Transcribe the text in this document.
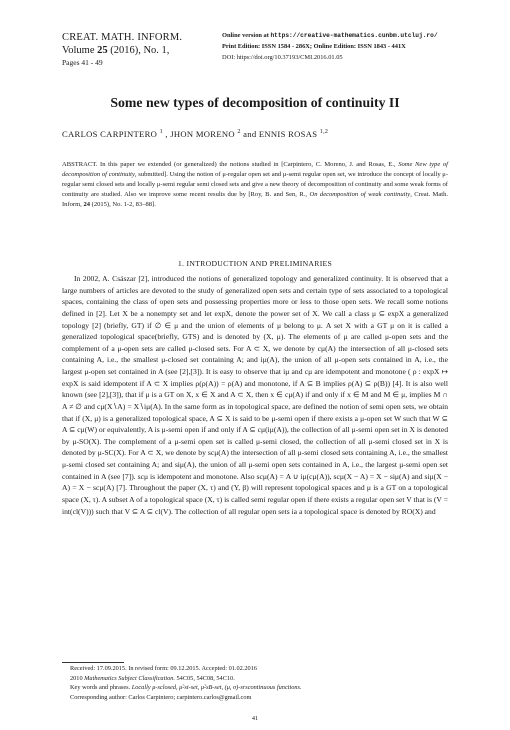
CREAT. MATH. INFORM.
Volume 25 (2016), No. 1,
Pages 41 - 49
Online version at https://creative-mathematics.cunbm.utcluj.ro/
Print Edition: ISSN 1584 - 286X; Online Edition: ISSN 1843 - 441X
DOI: https://doi.org/10.37193/CMI.2016.01.05
Some new types of decomposition of continuity II
CARLOS CARPINTERO $^1$ , JHON MORENO $^2$ and ENNIS ROSAS $^{1,2}$
ABSTRACT. In this paper we extended (or generalized) the notions studied in [Carpintero, C. Moreno, J. and Rosas, E., Some New type of decomposition of continuity, submitted]. Using the notion of μ-regular open set and μ-semi regular open set, we introduce the concept of locally μ-regular semi closed sets and locally μ-semi regular semi closed sets and give a new theory of decomposition of continuity and some weak forms of continuity are studied. Also we improve some recent results due by [Roy, B. and Sen, R., On decomposition of weak continuity, Creat. Math. Inform, 24 (2015), No. 1-2, 83–88].
1. INTRODUCTION AND PRELIMINARIES

In 2002, A. Császar [2], introduced the notions of generalized topology and generalized continuity. It is observed that a large numbers of articles are devoted to the study of generalized open sets and certain type of sets associated to a topological spaces, containing the class of open sets and possessing properties more or less to those open sets. We recall some notions defined in [2]. Let X be a nonempty set and let expX, denote the power set of X. We call a class μ ⊆ expX a generalized topology [2] (briefly, GT) if ∅ ∈ μ and the union of elements of μ belong to μ. A set X with a GT μ on it is called a generalized topological space(briefly, GTS) and is denoted by (X, μ). The elements of μ are called μ-open sets and the complement of a μ-open sets are called μ-closed sets. For A ⊂ X, we denote by cμ(A) the intersection of all μ-closed sets containing A, i.e., the smallest μ-closed set containing A; and iμ(A), the union of all μ-open sets contained in A, i.e., the largest μ-open set contained in A (see [2],[3]). It is easy to observe that iμ and cμ are idempotent and monotone ( ρ : expX ↦ expX is said idempotent if A ⊂ X implies ρ(ρ(A)) = ρ(A) and monotone, if A ⊆ B implies ρ(A) ⊆ ρ(B)) [4]. It is also well known (see [2],[3]), that if μ is a GT on X, x ∈ X and A ⊂ X, then x ∈ cμ(A) if and only if x ∈ M and M ∈ μ, implies M ∩ A ≠ ∅ and cμ(X∖A) = X∖iμ(A). In the same form as in topological space, are defined the notion of semi open sets, we obtain that if (X, μ) is a generalized topological space, A ⊆ X is said to be μ-semi open if there exists a μ-open set W such that W ⊆ A ⊆ cμ(W) or equivalently, A is μ-semi open if and only if A ⊆ cμ(iμ(A)), the collection of all μ-semi open set in X is denoted by μ-SO(X). The complement of a μ-semi open set is called μ-semi closed, the collection of all μ-semi closed set in X is denoted by μ-SC(X). For A ⊂ X, we denote by scμ(A) the intersection of all μ-semi closed sets containing A, i.e., the smallest μ-semi closed set containing A; and siμ(A), the union of all μ-semi open sets contained in A, i.e., the largest μ-semi open set contained in A (see [7]). scμ is idempotent and monotone. Also scμ(A) = A ∪ iμ(cμ(A)), scμ(X − A) = X − siμ(A) and siμ(X − A) = X − scμ(A) [7]. Throughout the paper (X, τ) and (Y, β) will represent topological spaces and μ is a GT on a topological space (X, τ). A subset A of a topological space (X, τ) is called semi regular open if there exists a regular open set V that is (V = int(cl(V))) such that V ⊆ A ⊆ cl(V). The collection of all regular open sets ia a topological space is denoted by RO(X) and

Received: 17.09.2015. In revised form: 09.12.2015. Accepted: 01.02.2016
2010 Mathematics Subject Classification. 54C05, 54C08, 54C10.
Key words and phrases. Locally μ-sclosed, μ̃-st-set, μ̃-sB-set, (μ, σ)-srscontinuous functions.
Corresponding author: Carlos Carpintero; carpintero.carlos@gmail.com
41
